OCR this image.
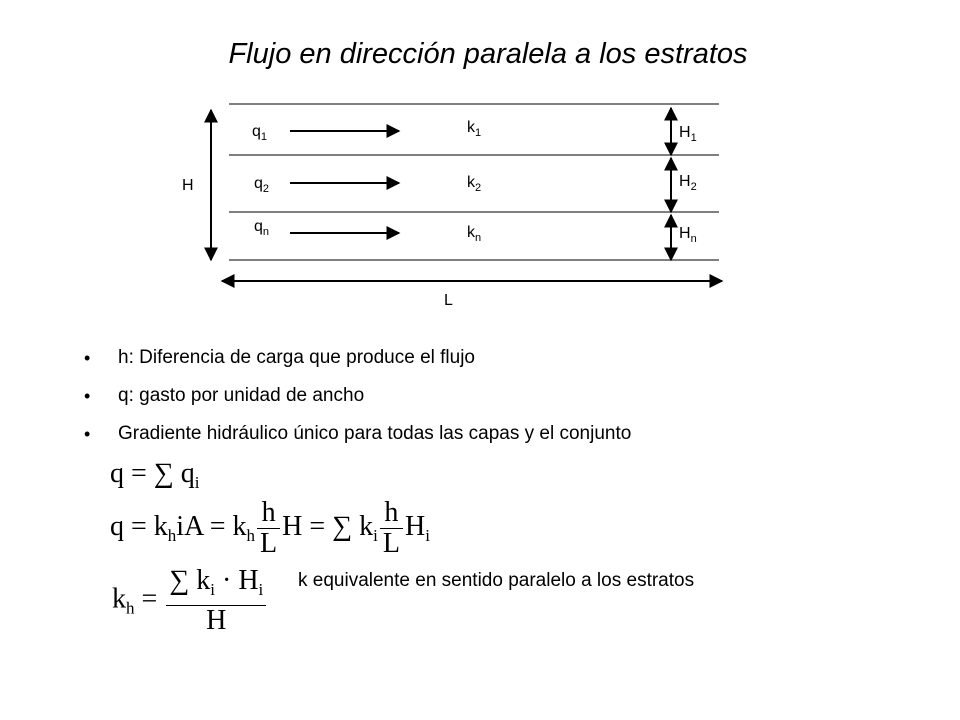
Flujo en dirección paralela a los estratos
H
L
$q_1$
$q_2$
$q_n$
$k_1$
$k_2$
$k_n$
$H_1$
$H_2$
$H_n$
• h: Diferencia de carga que produce el flujo
• q: gasto por unidad de ancho
• Gradiente hidráulico único para todas las capas y el conjunto
q = ∑ $q_i$
$q = k_hiA = k_h \frac{h}{L}$ H = ∑ $k_i \frac{h}{L} H_i$
$k_h = \frac{\sum k_i \cdot H_i}{H}$ k equivalente en sentido paralelo a los estratos
